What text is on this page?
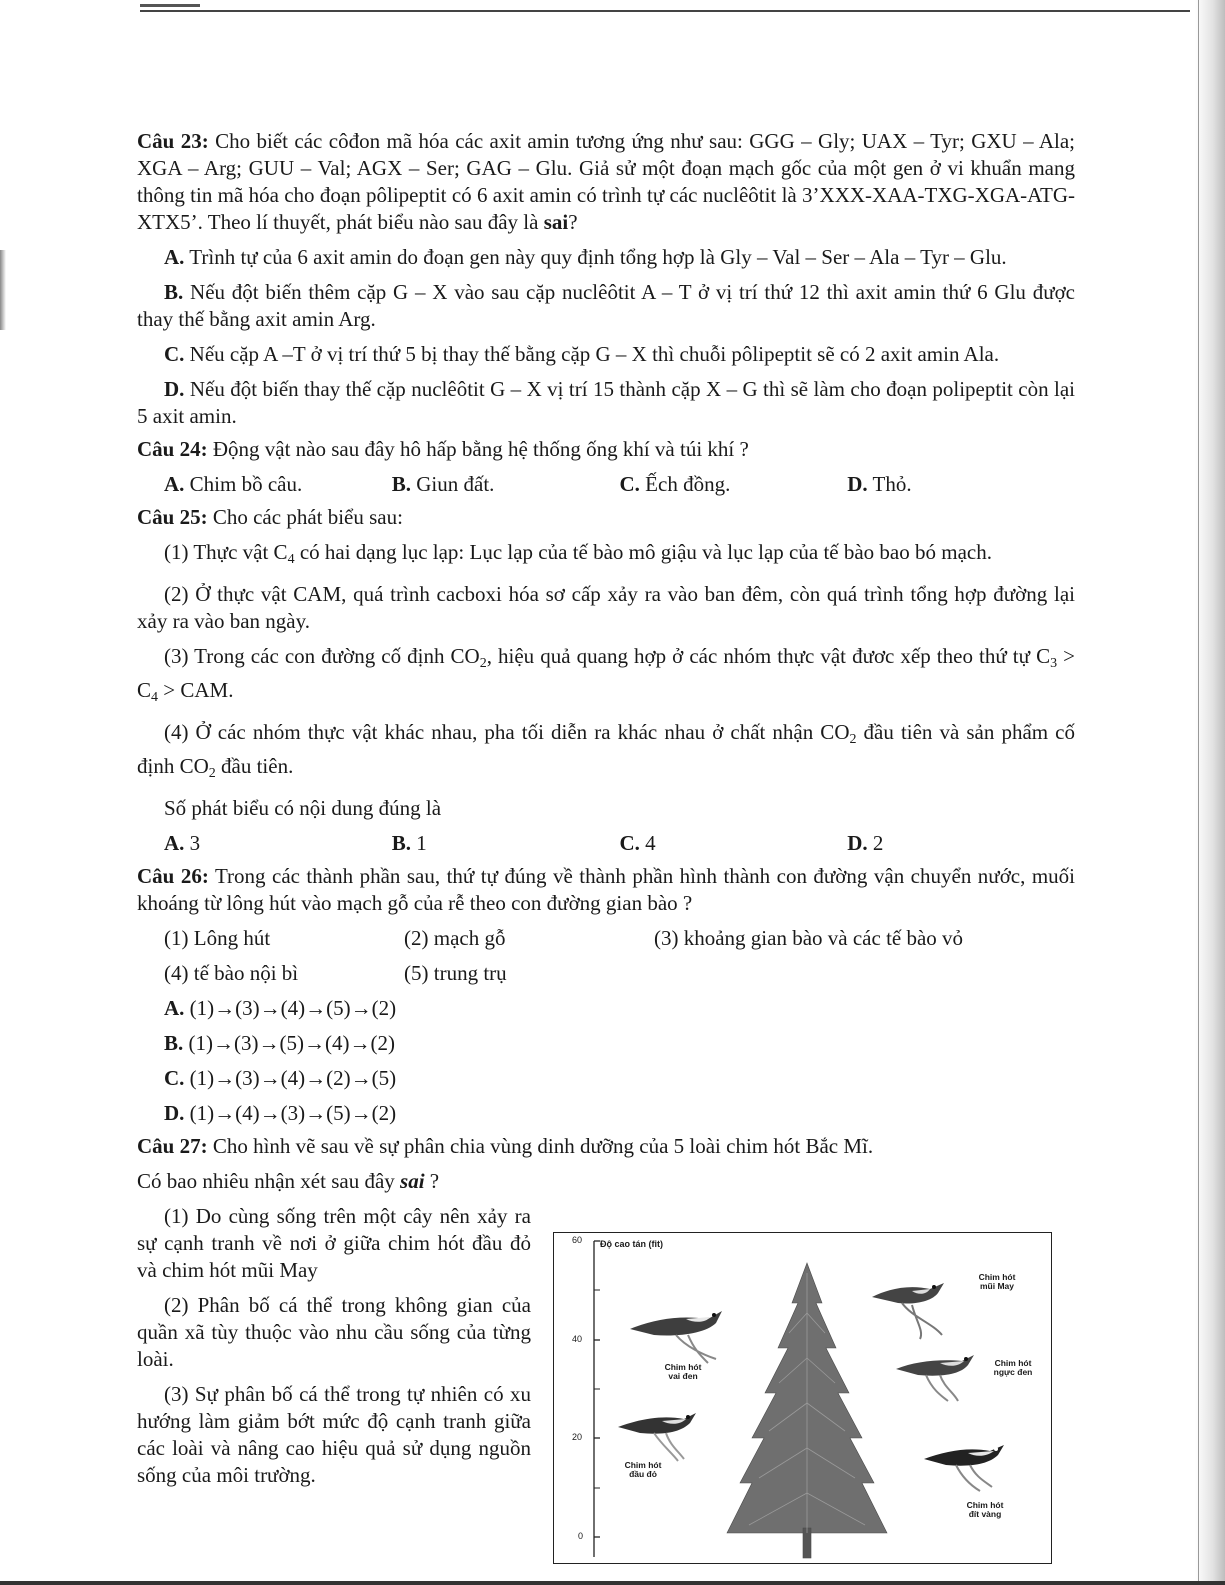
Câu 23: Cho biết các côđon mã hóa các axit amin tương ứng như sau: GGG – Gly; UAX – Tyr; GXU – Ala; XGA – Arg; GUU – Val; AGX – Ser; GAG – Glu. Giả sử một đoạn mạch gốc của một gen ở vi khuẩn mang thông tin mã hóa cho đoạn pôlipeptit có 6 axit amin có trình tự các nuclêôtit là 3’XXX-XAA-TXG-XGA-ATG-XTX5’. Theo lí thuyết, phát biểu nào sau đây là sai?

A. Trình tự của 6 axit amin do đoạn gen này quy định tổng hợp là Gly – Val – Ser – Ala – Tyr – Glu.

B. Nếu đột biến thêm cặp G – X vào sau cặp nuclêôtit A – T ở vị trí thứ 12 thì axit amin thứ 6 Glu được thay thế bằng axit amin Arg.

C. Nếu cặp A –T ở vị trí thứ 5 bị thay thế bằng cặp G – X thì chuỗi pôlipeptit sẽ có 2 axit amin Ala.

D. Nếu đột biến thay thế cặp nuclêôtit G – X vị trí 15 thành cặp X – G thì sẽ làm cho đoạn polipeptit còn lại 5 axit amin.

Câu 24: Động vật nào sau đây hô hấp bằng hệ thống ống khí và túi khí ?

A. Chim bồ câu.	B. Giun đất.	C. Ếch đồng.	D. Thỏ.

Câu 25: Cho các phát biểu sau:

(1) Thực vật $C_4$ có hai dạng lục lạp: Lục lạp của tế bào mô giậu và lục lạp của tế bào bao bó mạch.

(2) Ở thực vật CAM, quá trình cacboxi hóa sơ cấp xảy ra vào ban đêm, còn quá trình tổng hợp đường lại xảy ra vào ban ngày.

(3) Trong các con đường cố định $CO_2$, hiệu quả quang hợp ở các nhóm thực vật đươc xếp theo thứ tự $C_3 > C_4$ > CAM.

(4) Ở các nhóm thực vật khác nhau, pha tối diễn ra khác nhau ở chất nhận $CO_2$ đầu tiên và sản phẩm cố định $CO_2$ đầu tiên.

Số phát biểu có nội dung đúng là

A. 3	B. 1	C. 4	D. 2

Câu 26: Trong các thành phần sau, thứ tự đúng về thành phần hình thành con đường vận chuyển nước, muối khoáng từ lông hút vào mạch gỗ của rễ theo con đường gian bào ?

(1) Lông hút	(2) mạch gỗ	(3) khoảng gian bào và các tế bào vỏ
(4) tế bào nội bì	(5) trung trụ

A. (1)→(3)→(4)→(5)→(2)

B. (1)→(3)→(5)→(4)→(2)

C. (1)→(3)→(4)→(2)→(5)

D. (1)→(4)→(3)→(5)→(2)

Câu 27: Cho hình vẽ sau về sự phân chia vùng dinh dưỡng của 5 loài chim hót Bắc Mĩ.

Có bao nhiêu nhận xét sau đây sai ?

(1) Do cùng sống trên một cây nên xảy ra sự cạnh tranh về nơi ở giữa chim hót đầu đỏ và chim hót mũi May

(2) Phân bố cá thể trong không gian của quần xã tùy thuộc vào nhu cầu sống của từng loài.

(3) Sự phân bố cá thể trong tự nhiên có xu hướng làm giảm bớt mức độ cạnh tranh giữa các loài và nâng cao hiệu quả sử dụng nguồn sống của môi trường.

Độ cao tán (fit)
60
40
20
0
Chim hót
mũi May
Chim hót
vai đen
Chim hót
ngực đen
Chim hót
đầu đỏ
Chim hót
đít vàng
